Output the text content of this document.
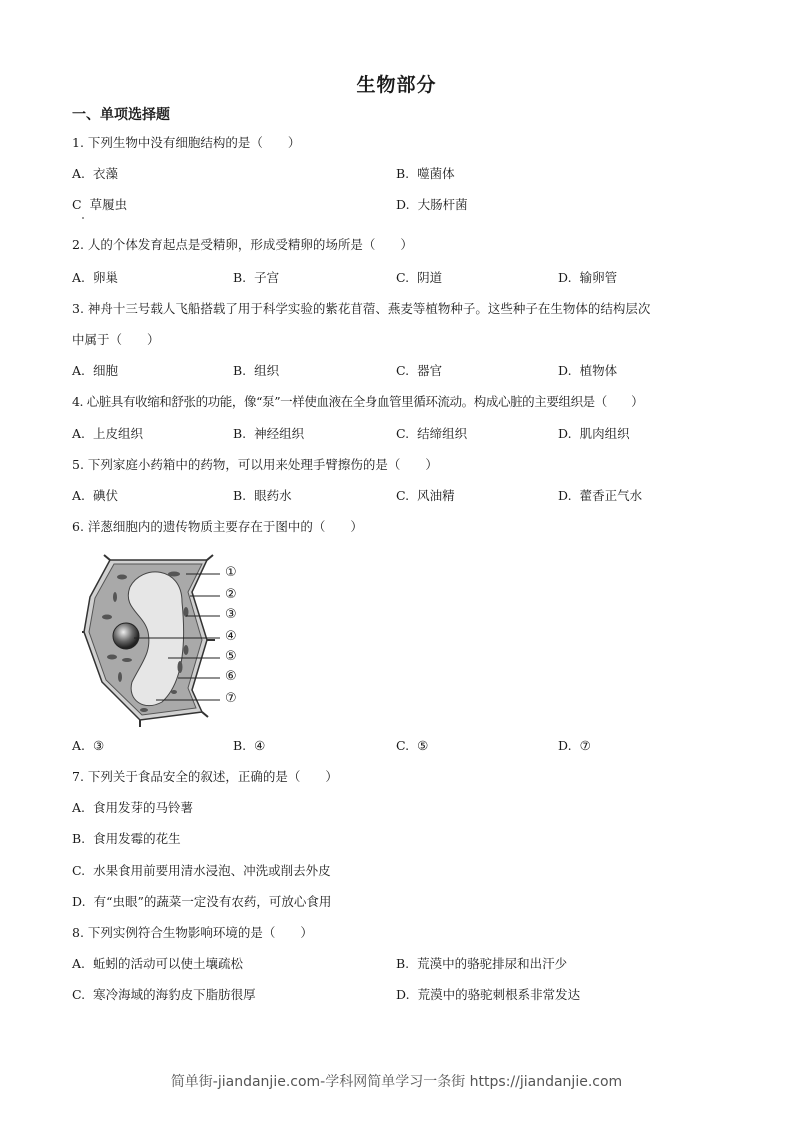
生物部分
一、单项选择题
1. 下列生物中没有细胞结构的是（　　）
A. 衣藻	B. 噬菌体
C 草履虫	D. 大肠杆菌
2. 人的个体发育起点是受精卵，形成受精卵的场所是（　　）
A. 卵巢	B. 子宫	C. 阴道	D. 输卵管
3. 神舟十三号载人飞船搭载了用于科学实验的紫花苜蓿、燕麦等植物种子。这些种子在生物体的结构层次
中属于（　　）
A. 细胞	B. 组织	C. 器官	D. 植物体
4. 心脏具有收缩和舒张的功能，像“泵”一样使血液在全身血管里循环流动。构成心脏的主要组织是（　　）
A. 上皮组织	B. 神经组织	C. 结缔组织	D. 肌肉组织
5. 下列家庭小药箱中的药物，可以用来处理手臂擦伤的是（　　）
A. 碘伏	B. 眼药水	C. 风油精	D. 藿香正气水
6. 洋葱细胞内的遗传物质主要存在于图中的（　　）
①
②
③
④
⑤
⑥
⑦
A. ③	B. ④	C. ⑤	D. ⑦
7. 下列关于食品安全的叙述，正确的是（　　）
A. 食用发芽的马铃薯
B. 食用发霉的花生
C. 水果食用前要用清水浸泡、冲洗或削去外皮
D. 有“虫眼”的蔬菜一定没有农药，可放心食用
8. 下列实例符合生物影响环境的是（　　）
A. 蚯蚓的活动可以使土壤疏松	B. 荒漠中的骆驼排尿和出汗少
C. 寒冷海域的海豹皮下脂肪很厚	D. 荒漠中的骆驼刺根系非常发达
简单街-jiandanjie.com-学科网简单学习一条街 https://jiandanjie.com
